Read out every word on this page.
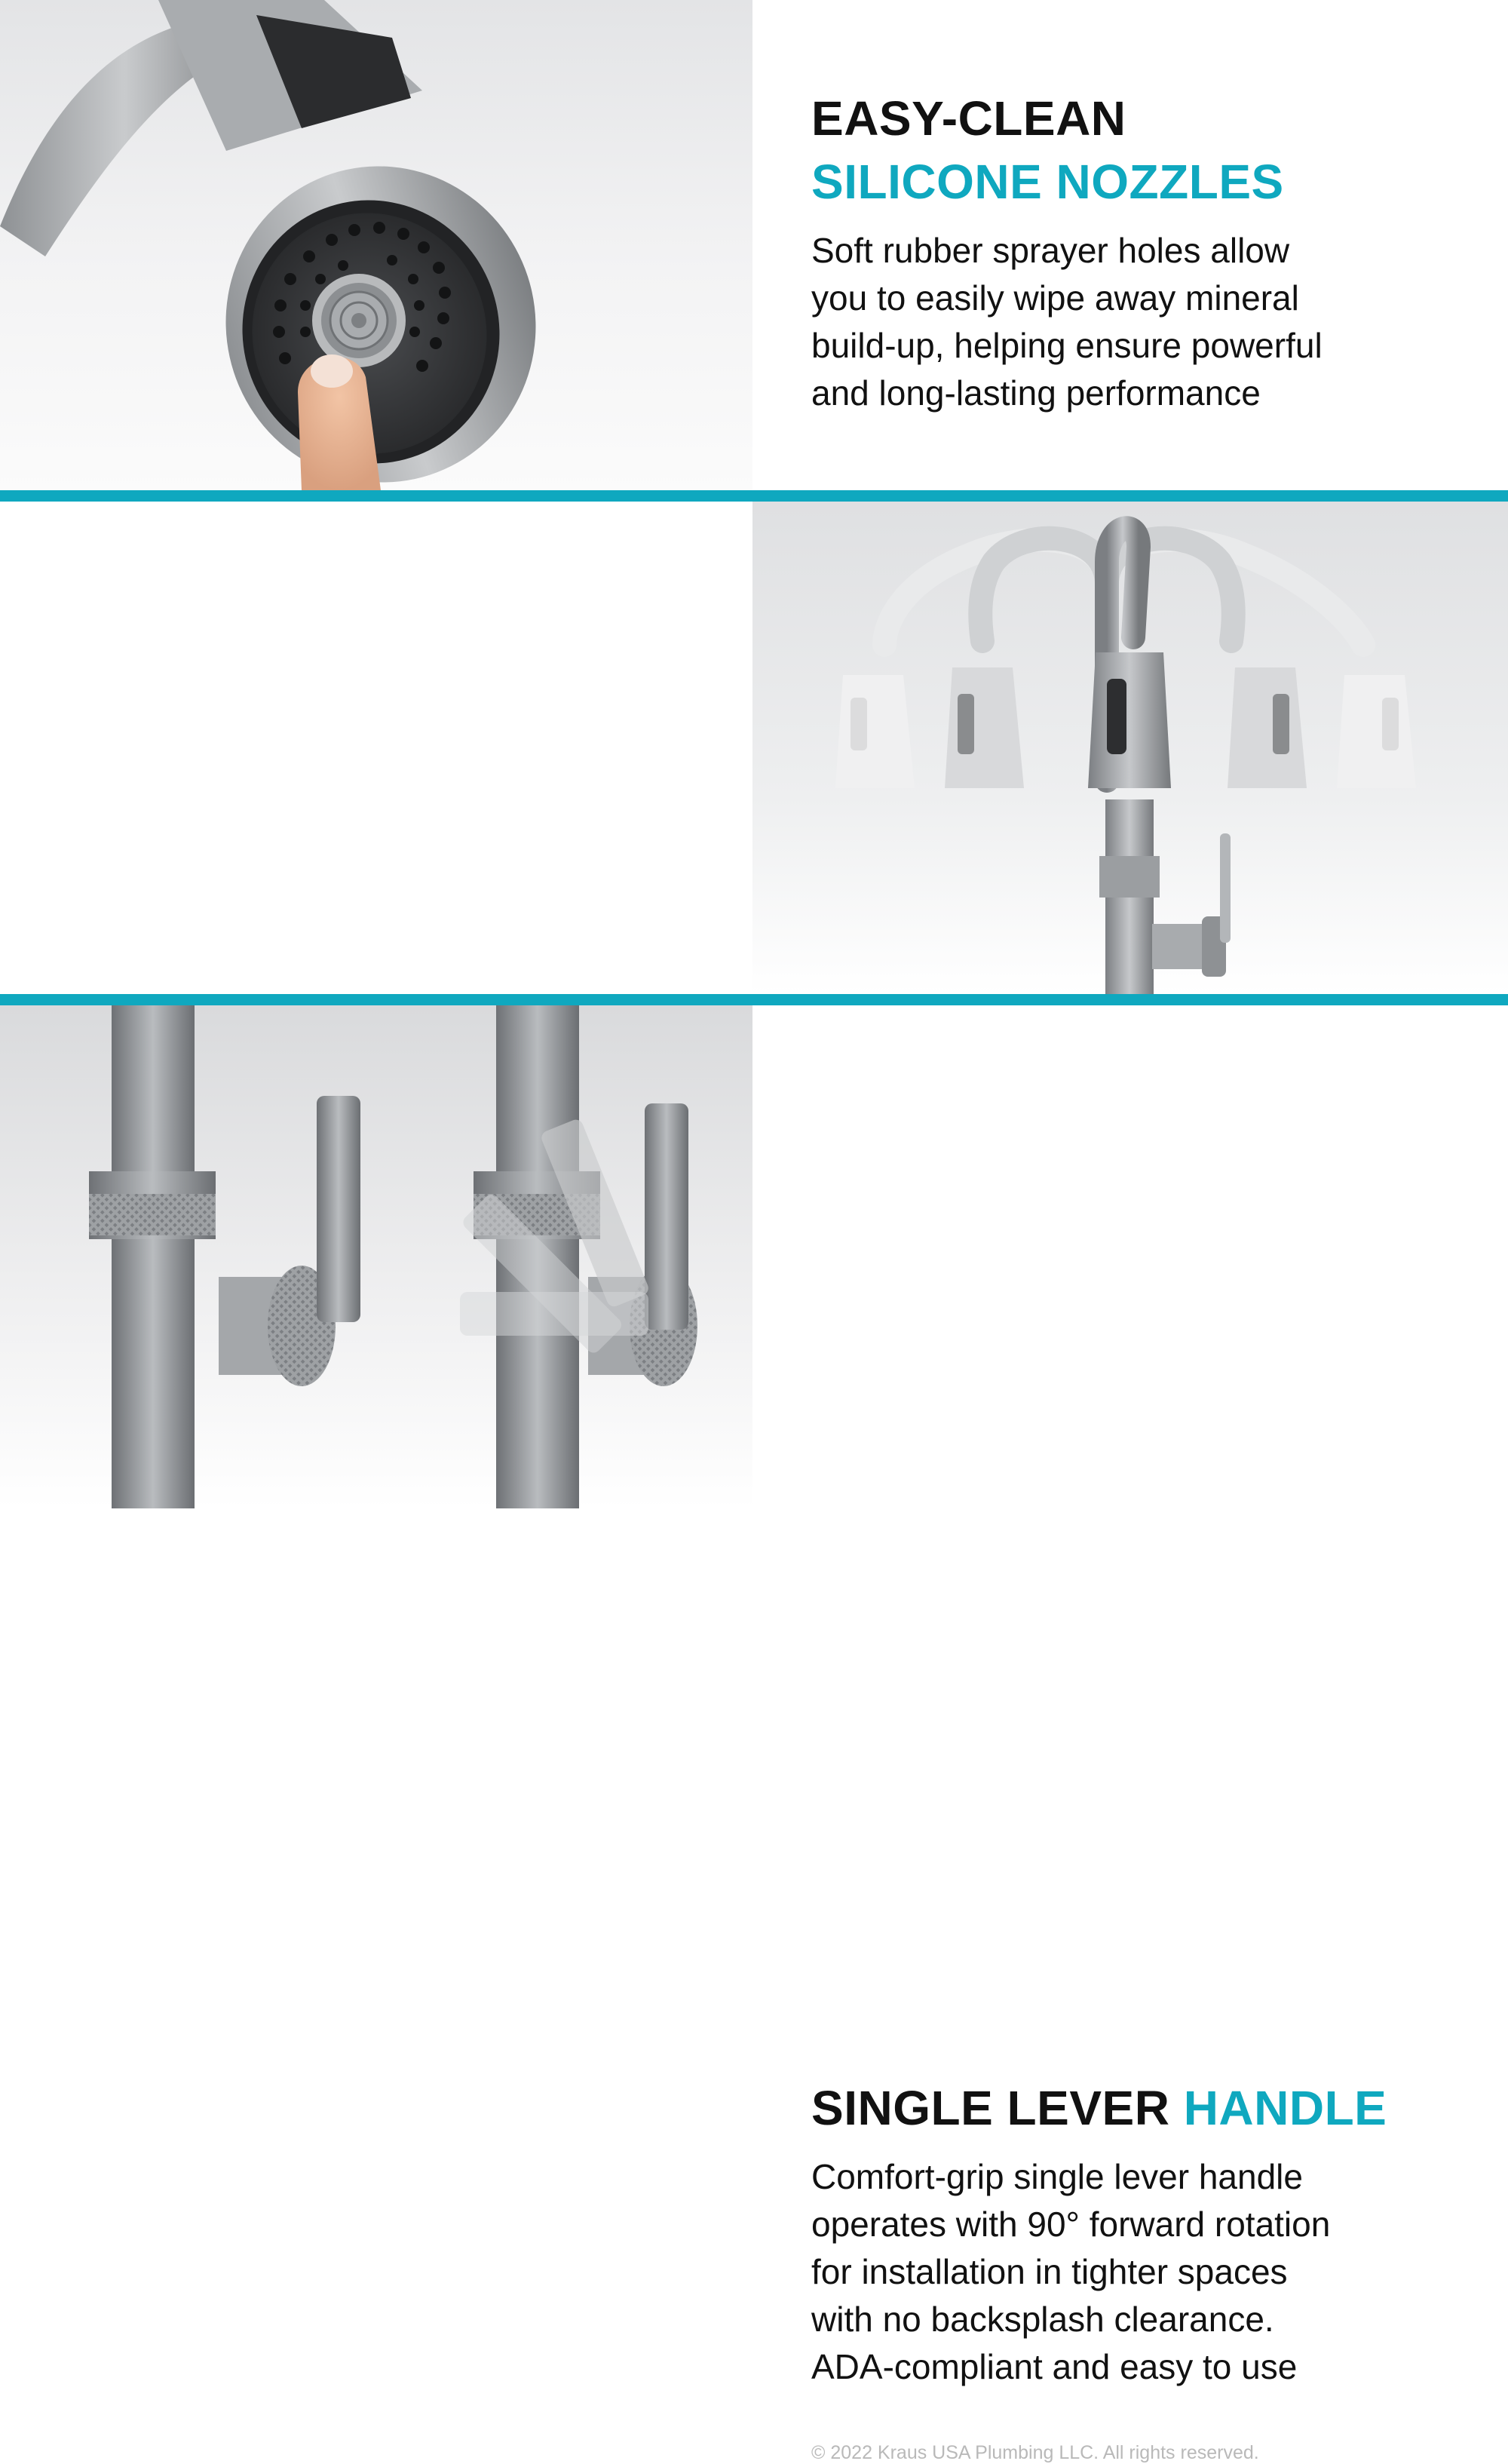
EASY-CLEAN
SILICONE NOZZLES

Soft rubber sprayer holes allow
you to easily wipe away mineral
build-up, helping ensure powerful
and long-lasting performance

SINGLE LEVER HANDLE

Comfort-grip single lever handle
operates with 90° forward rotation
for installation in tighter spaces
with no backsplash clearance.
ADA-compliant and easy to use

© 2022 Kraus USA Plumbing LLC. All rights reserved.
